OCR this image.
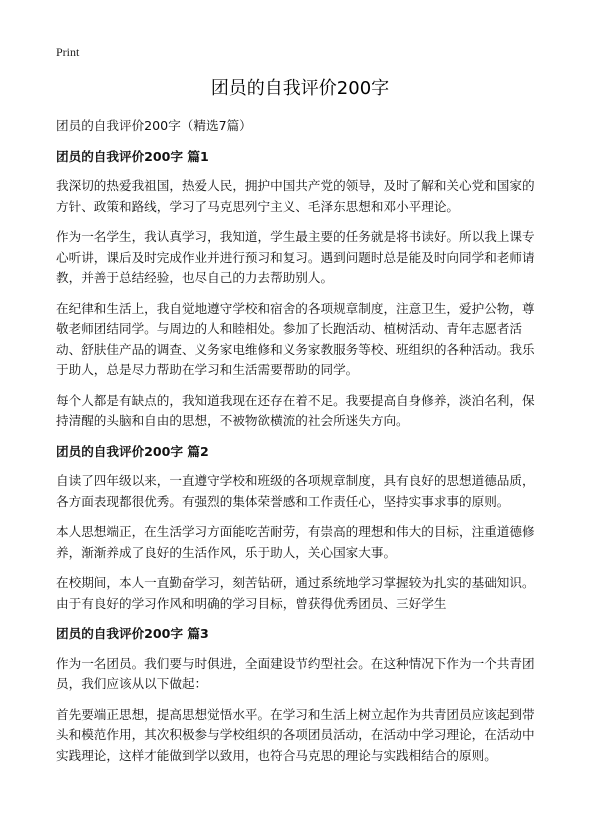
Print
团员的自我评价200字

团员的自我评价200字（精选7篇）

团员的自我评价200字 篇1

我深切的热爱我祖国，热爱人民，拥护中国共产党的领导，及时了解和关心党和国家的方针、政策和路线，学习了马克思列宁主义、毛泽东思想和邓小平理论。

作为一名学生，我认真学习，我知道，学生最主要的任务就是将书读好。所以我上课专心听讲，课后及时完成作业并进行预习和复习。遇到问题时总是能及时向同学和老师请教，并善于总结经验，也尽自己的力去帮助别人。

在纪律和生活上，我自觉地遵守学校和宿舍的各项规章制度，注意卫生，爱护公物，尊敬老师团结同学。与周边的人和睦相处。参加了长跑活动、植树活动、青年志愿者活动、舒肤佳产品的调查、义务家电维修和义务家教服务等校、班组织的各种活动。我乐于助人，总是尽力帮助在学习和生活需要帮助的同学。

每个人都是有缺点的，我知道我现在还存在着不足。我要提高自身修养，淡泊名利，保持清醒的头脑和自由的思想，不被物欲横流的社会所迷失方向。

团员的自我评价200字 篇2

自读了四年级以来，一直遵守学校和班级的各项规章制度，具有良好的思想道德品质，各方面表现都很优秀。有强烈的集体荣誉感和工作责任心，坚持实事求事的原则。

本人思想端正，在生活学习方面能吃苦耐劳，有崇高的理想和伟大的目标，注重道德修养，渐渐养成了良好的生活作风，乐于助人，关心国家大事。

在校期间，本人一直勤奋学习，刻苦钻研，通过系统地学习掌握较为扎实的基础知识。由于有良好的学习作风和明确的学习目标，曾获得优秀团员、三好学生

团员的自我评价200字 篇3

作为一名团员。我们要与时俱进，全面建设节约型社会。在这种情况下作为一个共青团员，我们应该从以下做起：

首先要端正思想，提高思想觉悟水平。在学习和生活上树立起作为共青团员应该起到带头和模范作用，其次积极参与学校组织的各项团员活动，在活动中学习理论，在活动中实践理论，这样才能做到学以致用，也符合马克思的理论与实践相结合的原则。
